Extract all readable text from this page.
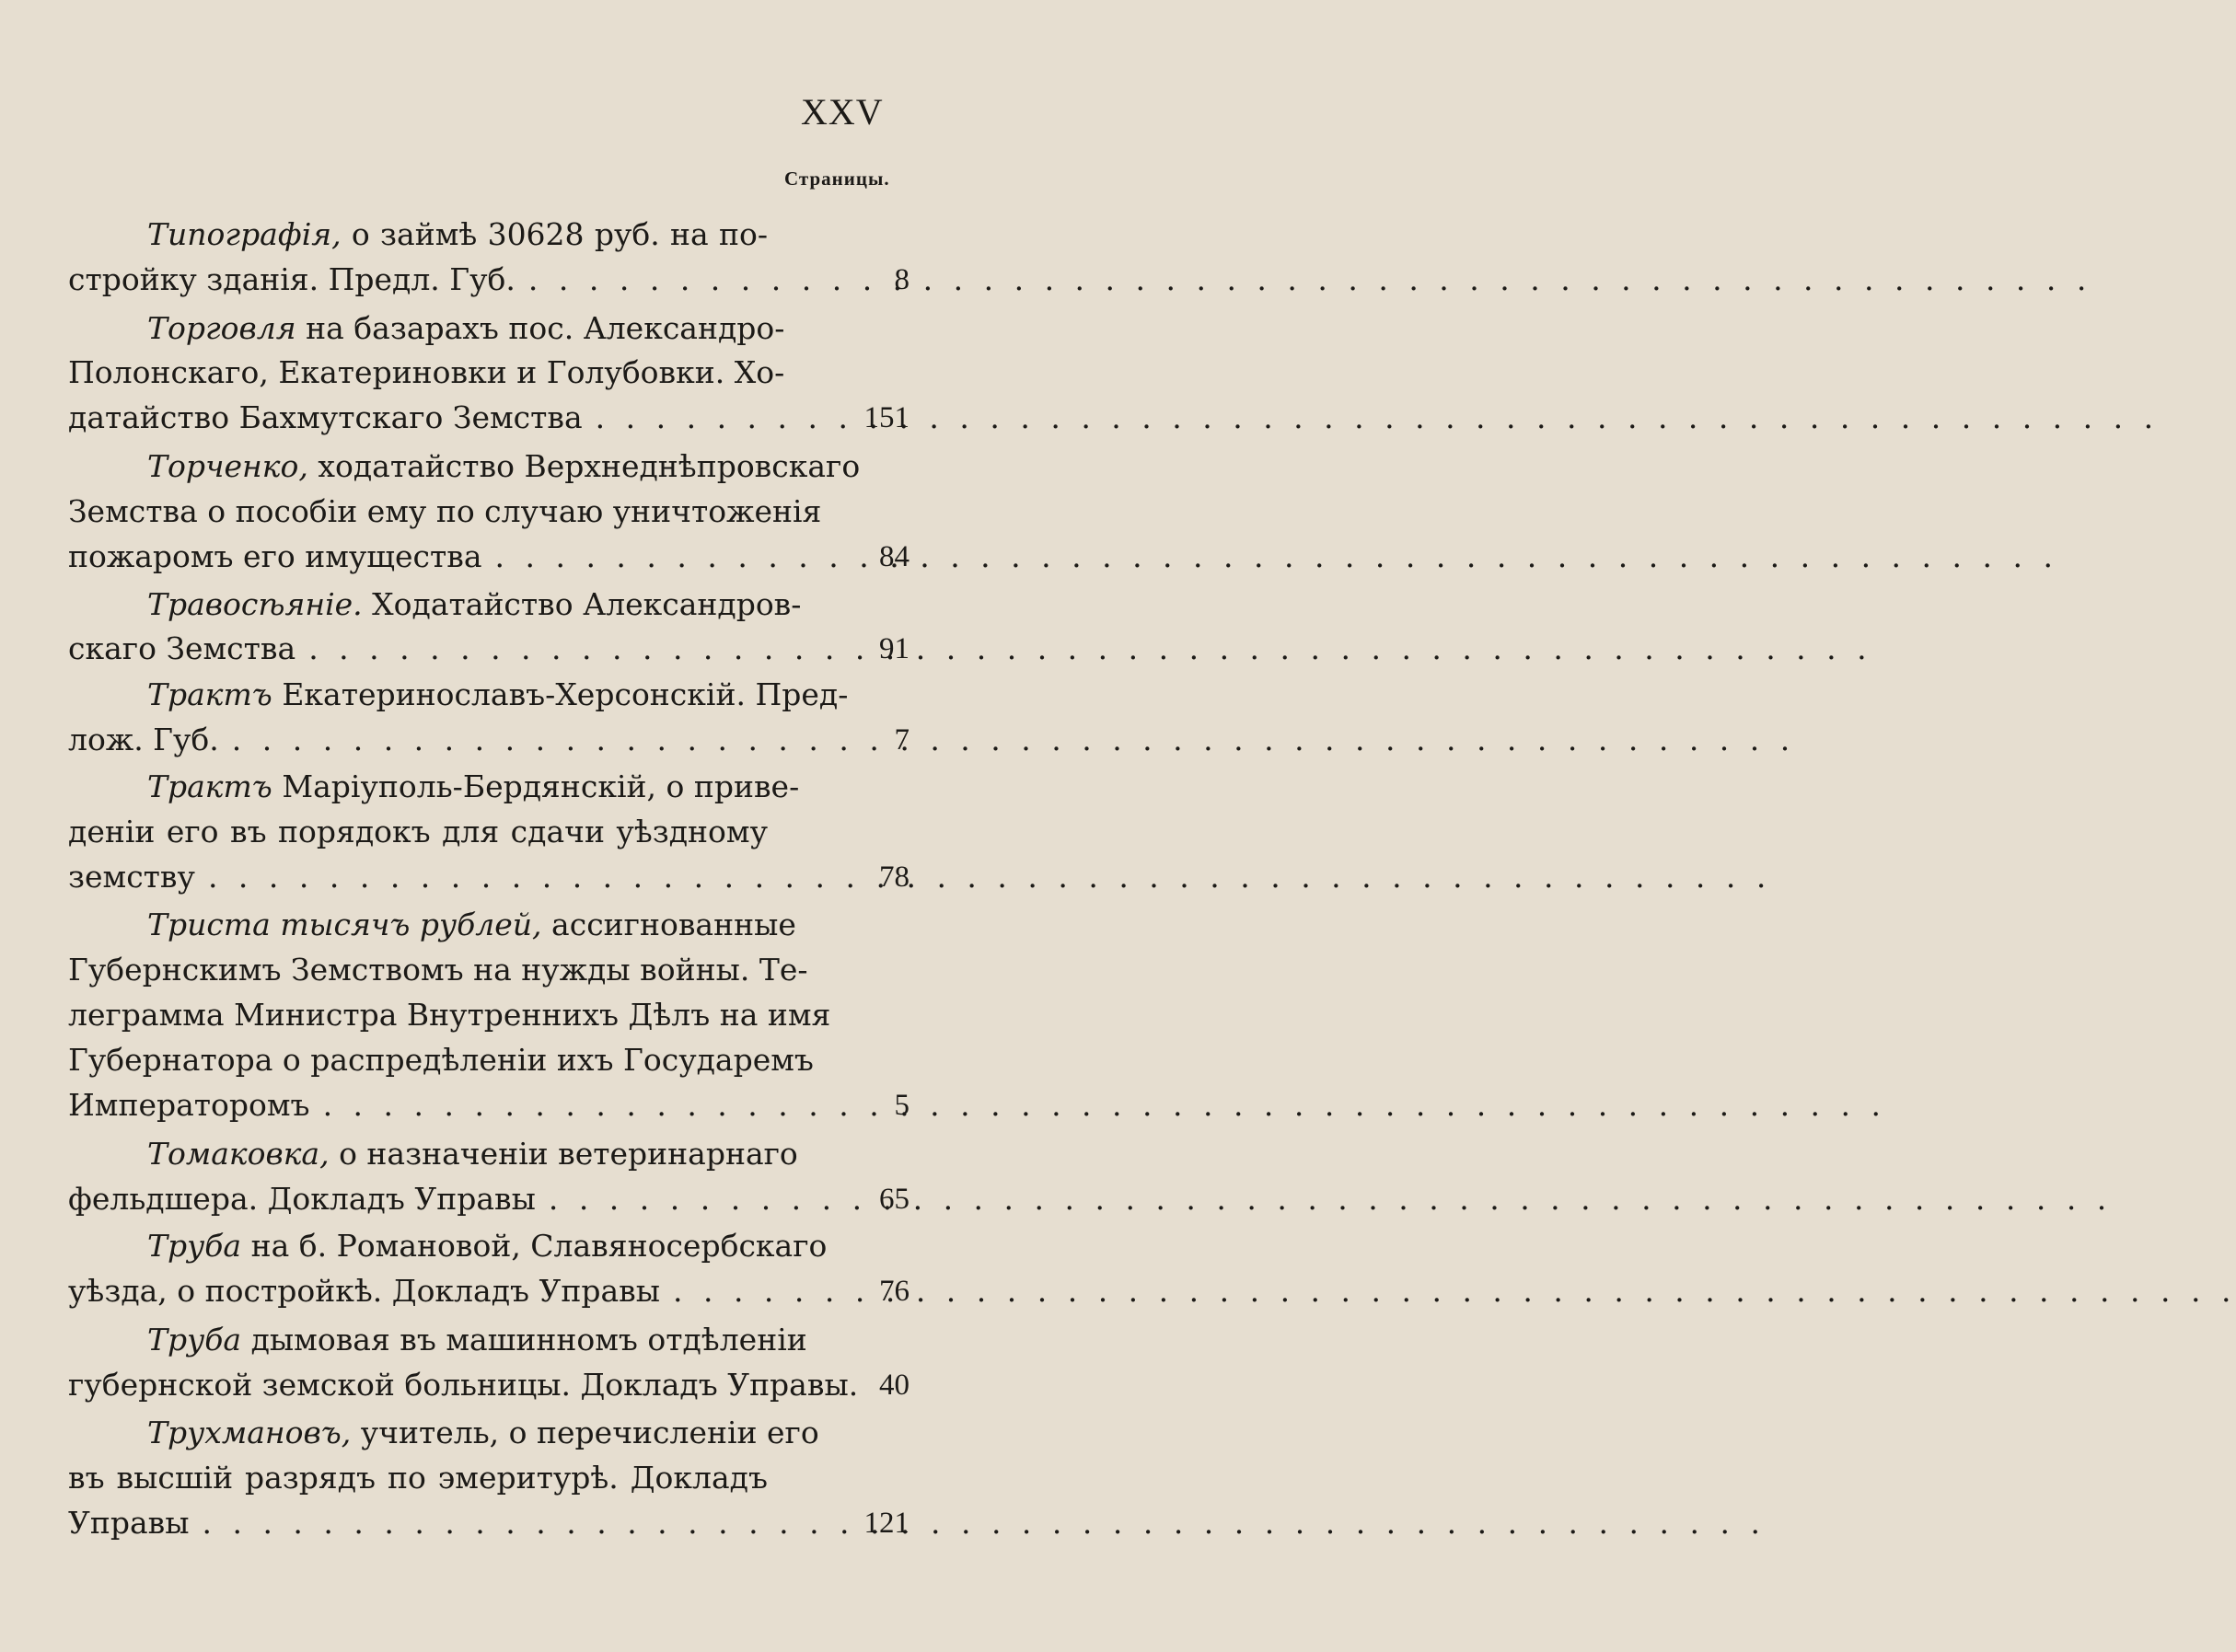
XXV
Страницы.
Типографія, о займѣ 30628 руб. на по-
стройку зданія. Предл. Губ. . . .	8
Торговля на базарахъ пос. Александро-
Полонскаго, Екатериновки и Голубовки. Хо-
датайство Бахмутскаго Земства . . .	151
Торченко, ходатайство Верхнеднѣпровскаго
Земства о пособіи ему по случаю уничтоженія
пожаромъ его имущества . . .	84
Травосѣяніе. Ходатайство Александров-
скаго Земства . . .	91
Трактъ Екатеринославъ-Херсонскій. Пред-
лож. Губ. . . .	7
Трактъ Маріуполь-Бердянскій, о приве-
деніи его въ порядокъ для сдачи уѣздному
земству . . .	78
Триста тысячъ рублей, ассигнованные
Губернскимъ Земствомъ на нужды войны. Те-
леграмма Министра Внутреннихъ Дѣлъ на имя
Губернатора о распредѣленіи ихъ Государемъ
Императоромъ . . .	5
Томаковка, о назначеніи ветеринарнаго
фельдшера. Докладъ Управы . . .	65
Труба на б. Романовой, Славяносербскаго
уѣзда, о постройкѣ. Докладъ Управы . . .	76
Труба дымовая въ машинномъ отдѣленіи
губернской земской больницы. Докладъ Управы. 40
Трухмановъ, учитель, о перечисленіи его
въ высшій разрядъ по эмеритурѣ. Докладъ
Управы . . .	121
